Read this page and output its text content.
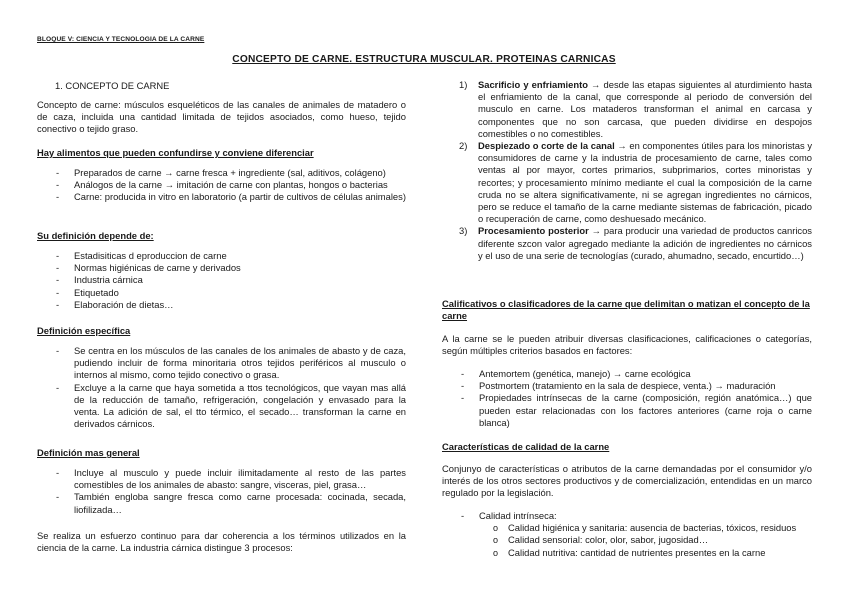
BLOQUE V: CIENCIA Y TECNOLOGIA DE LA CARNE
CONCEPTO DE CARNE. ESTRUCTURA MUSCULAR. PROTEINAS CARNICAS
1. CONCEPTO DE CARNE
Concepto de carne: músculos esqueléticos de las canales de animales de matadero o de caza, incluida una cantidad limitada de tejidos asociados, como hueso, tejido conectivo o tejido graso.
Hay alimentos que pueden confundirse y conviene diferenciar
- Preparados de carne → carne fresca + ingrediente (sal, aditivos, colágeno)
- Análogos de la carne → imitación de carne con plantas, hongos o bacterias
- Carne: producida in vitro en laboratorio (a partir de cultivos de células animales)
Su definición depende de:
- Estadisiticas d eproduccion de carne
- Normas higiénicas de carne y derivados
- Industria cárnica
- Etiquetado
- Elaboración de dietas…
Definición específica
- Se centra en los músculos de las canales de los animales de abasto y de caza, pudiendo incluir de forma minoritaria otros tejidos periféricos al musculo o internos al mismo, como tejido conectivo o grasa.
- Excluye a la carne que haya sometida a ttos tecnológicos, que vayan mas allá de la reducción de tamaño, refrigeración, congelación y envasado para la venta. La adición de sal, el tto térmico, el secado… transforman la carne en derivados cárnicos.
Definición mas general
- Incluye al musculo y puede incluir ilimitadamente al resto de las partes comestibles de los animales de abasto: sangre, visceras, piel, grasa…
- También engloba sangre fresca como carne procesada: cocinada, secada, liofilizada…
Se realiza un esfuerzo continuo para dar coherencia a los términos utilizados en la ciencia de la carne. La industria cárnica distingue 3 procesos:
1) Sacrificio y enfriamiento → desde las etapas siguientes al aturdimiento hasta el enfriamiento de la canal, que corresponde al periodo de conversión del musculo en carne. Los mataderos transforman el animal en carcasa y componentes que no son carcasa, que pueden dividirse en despojos comestibles o no comestibles.
2) Despiezado o corte de la canal → en componentes útiles para los minoristas y consumidores de carne y la industria de procesamiento de carne, tales como ventas al por mayor, cortes primarios, subprimarios, cortes minoristas y recortes; y procesamiento mínimo mediante el cual la composición de la carne cruda no se altera significativamente, ni se agregan ingredientes no cárnicos, pero se reduce el tamaño de la carne mediante sistemas de fabricación, picado o recuperación de carne, como deshuesado mecánico.
3) Procesamiento posterior → para producir una variedad de productos canricos diferente szcon valor agregado mediante la adición de ingredientes no cárnicos y el uso de una serie de tecnologías (curado, ahumadno, secado, encurtido…)
Calificativos o clasificadores de la carne que delimitan o matizan el concepto de la carne
A la carne se le pueden atribuir diversas clasificaciones, calificaciones o categorías, según múltiples criterios basados en factores:
- Antemortem (genética, manejo) → carne ecológica
- Postmortem (tratamiento en la sala de despiece, venta.) → maduración
- Propiedades intrínsecas de la carne (composición, región anatómica…) que pueden estar relacionadas con los factores anteriores (carne roja o carne blanca)
Características de calidad de la carne
Conjunyo de características o atributos de la carne demandadas por el consumidor y/o interés de los otros sectores productivos y de comercialización, entendidas en un marco regulado por la legislación.
- Calidad intrínseca:
o Calidad higiénica y sanitaria: ausencia de bacterias, tóxicos, residuos
o Calidad sensorial: color, olor, sabor, jugosidad…
o Calidad nutritiva: cantidad de nutrientes presentes en la carne
